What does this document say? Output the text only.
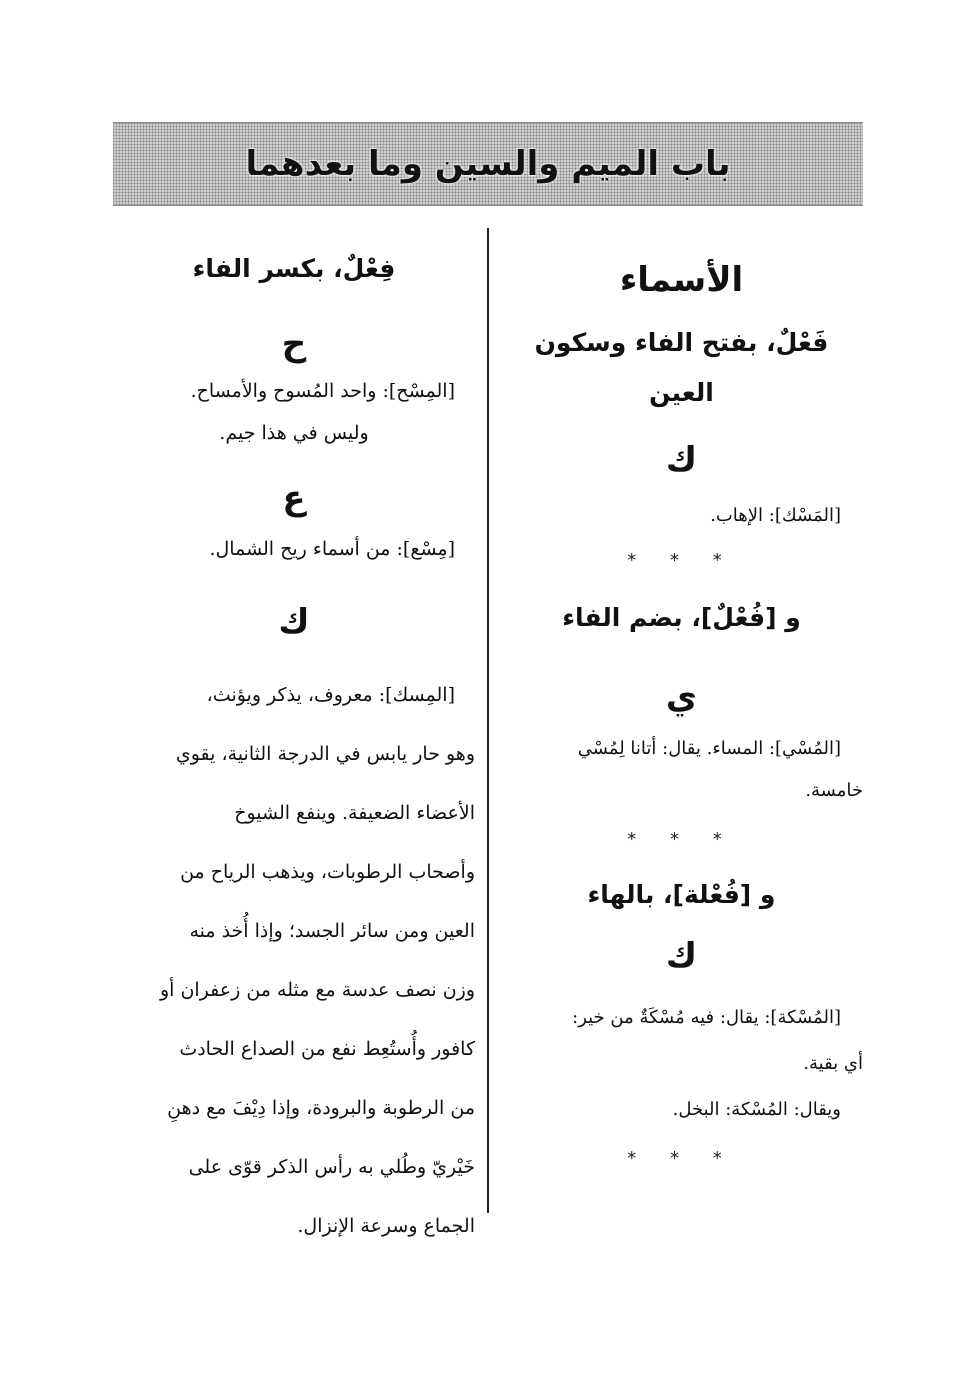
باب الميم والسين وما بعدهما
الأسماء
فَعْلٌ، بفتح الفاء وسكون العين
ك
[المَسْك]: الإهاب.
* * *
و [فُعْلٌ]، بضم الفاء
ي
[المُسْي]: المساء. يقال: أتانا لِمُسْي
خامسة.
* * *
و [فُعْلة]، بالهاء
ك
[المُسْكة]: يقال: فيه مُسْكَةٌ من خير:
أي بقية.
ويقال: المُسْكة: البخل.
* * *
فِعْلٌ، بكسر الفاء
ح
[المِسْح]: واحد المُسوح والأمساح.
وليس في هذا جيم.
ع
[مِسْع]: من أسماء ريح الشمال.
ك
[المِسك]: معروف، يذكر ويؤنث،
وهو حار يابس في الدرجة الثانية، يقوي
الأعضاء الضعيفة. وينفع الشيوخ
وأصحاب الرطوبات، ويذهب الرياح من
العين ومن سائر الجسد؛ وإذا أُخذ منه
وزن نصف عدسة مع مثله من زعفران أو
كافور وأُستُعِط نفع من الصداع الحادث
من الرطوبة والبرودة، وإذا دِيْفَ مع دهنِ
خَيْريّ وطُلي به رأس الذكر قوّى على
الجماع وسرعة الإنزال.
